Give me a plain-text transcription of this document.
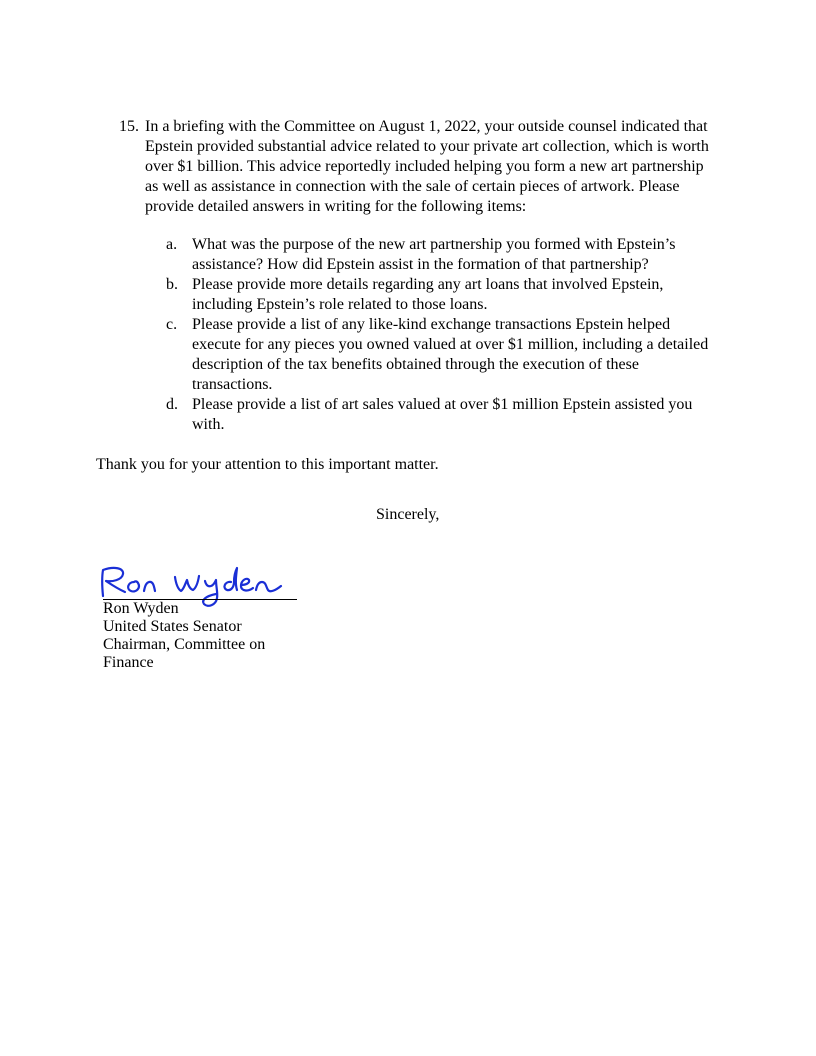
15. In a briefing with the Committee on August 1, 2022, your outside counsel indicated that

Epstein provided substantial advice related to your private art collection, which is worth

over $1 billion. This advice reportedly included helping you form a new art partnership

as well as assistance in connection with the sale of certain pieces of artwork. Please

provide detailed answers in writing for the following items:

a. What was the purpose of the new art partnership you formed with Epstein’s
assistance? How did Epstein assist in the formation of that partnership?
b. Please provide more details regarding any art loans that involved Epstein,
including Epstein’s role related to those loans.
c. Please provide a list of any like-kind exchange transactions Epstein helped
execute for any pieces you owned valued at over $1 million, including a detailed
description of the tax benefits obtained through the execution of these
transactions.
d. Please provide a list of art sales valued at over $1 million Epstein assisted you
with.
Thank you for your attention to this important matter.
Sincerely,
Ron Wyden
United States Senator
Chairman, Committee on
Finance
